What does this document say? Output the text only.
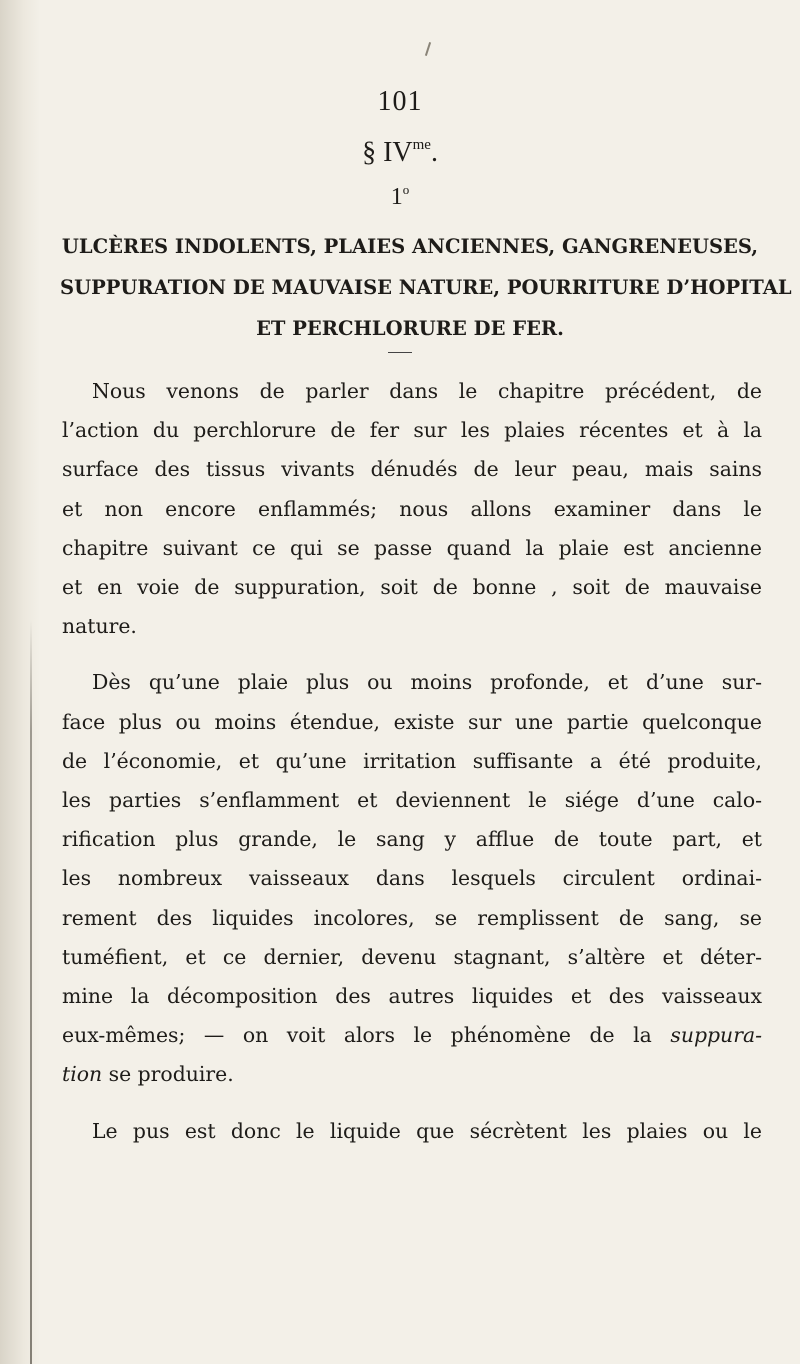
101
§ $IV^{me}$.
1$^o$
ULCÈRES INDOLENTS, PLAIES ANCIENNES, GANGRENEUSES,
SUPPURATION DE MAUVAISE NATURE, POURRITURE D’HOPITAL
ET PERCHLORURE DE FER.
Nous venons de parler dans le chapitre précédent, de
l’action du perchlorure de fer sur les plaies récentes et à la
surface des tissus vivants dénudés de leur peau, mais sains
et non encore enflammés; nous allons examiner dans le
chapitre suivant ce qui se passe quand la plaie est ancienne
et en voie de suppuration, soit de bonne , soit de mauvaise
nature.
Dès qu’une plaie plus ou moins profonde, et d’une sur-
face plus ou moins étendue, existe sur une partie quelconque
de l’économie, et qu’une irritation suffisante a été produite,
les parties s’enflamment et deviennent le siége d’une calo-
rification plus grande, le sang y afflue de toute part, et
les nombreux vaisseaux dans lesquels circulent ordinai-
rement des liquides incolores, se remplissent de sang, se
tuméfient, et ce dernier, devenu stagnant, s’altère et déter-
mine la décomposition des autres liquides et des vaisseaux
eux-mêmes; — on voit alors le phénomène de la suppura-
tion se produire.
Le pus est donc le liquide que sécrètent les plaies ou le
